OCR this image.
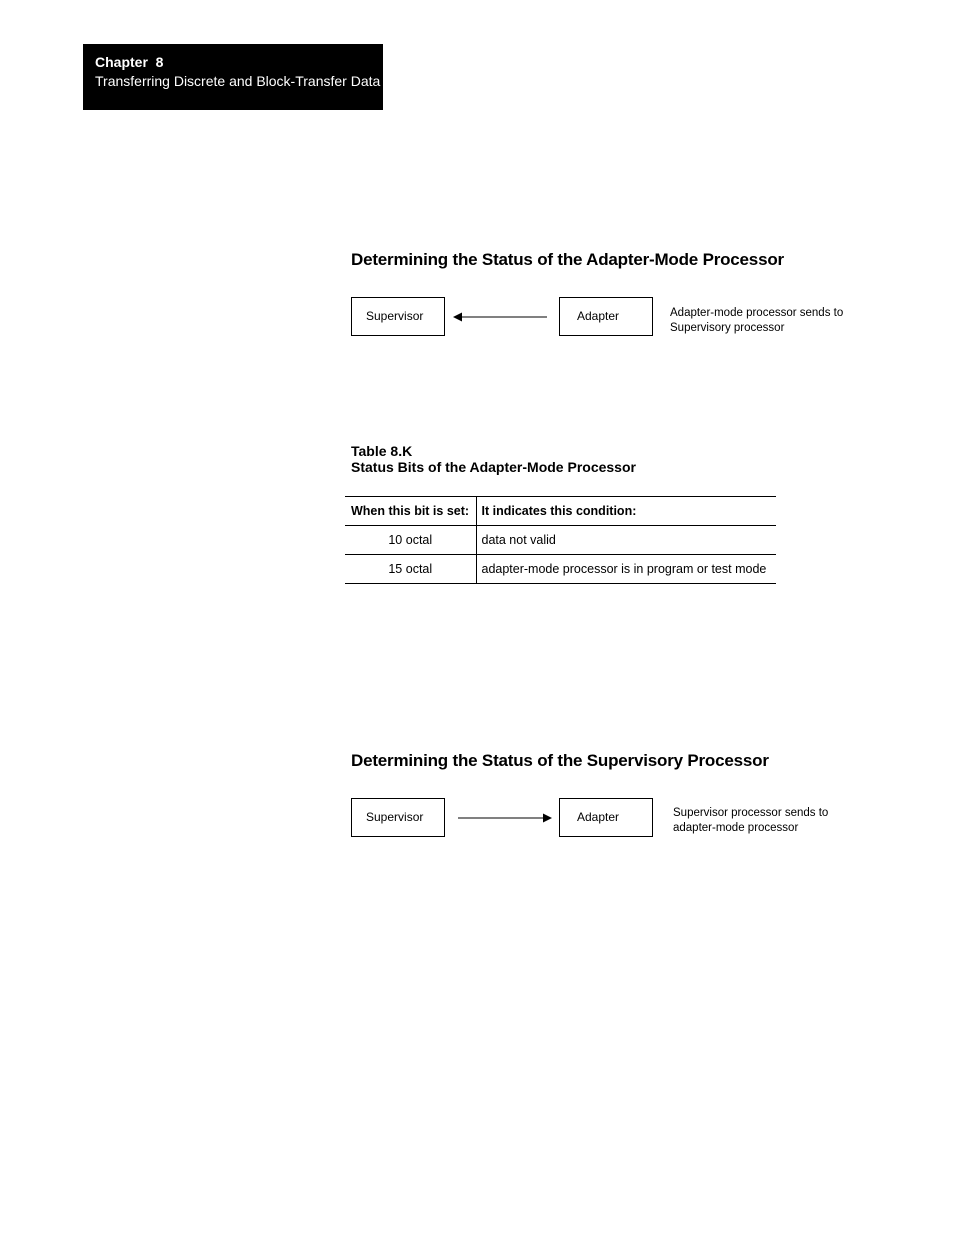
Chapter  8
Transferring Discrete and Block-Transfer Data
Determining the Status of the Adapter-Mode Processor
Supervisor	Adapter	Adapter-mode processor sends to Supervisory processor
Table 8.K
Status Bits of the Adapter-Mode Processor
When this bit is set:	It indicates this condition:
10 octal	data not valid
15 octal	adapter-mode processor is in program or test mode
Determining the Status of the Supervisory Processor
Supervisor	Adapter	Supervisor processor sends to adapter-mode processor
